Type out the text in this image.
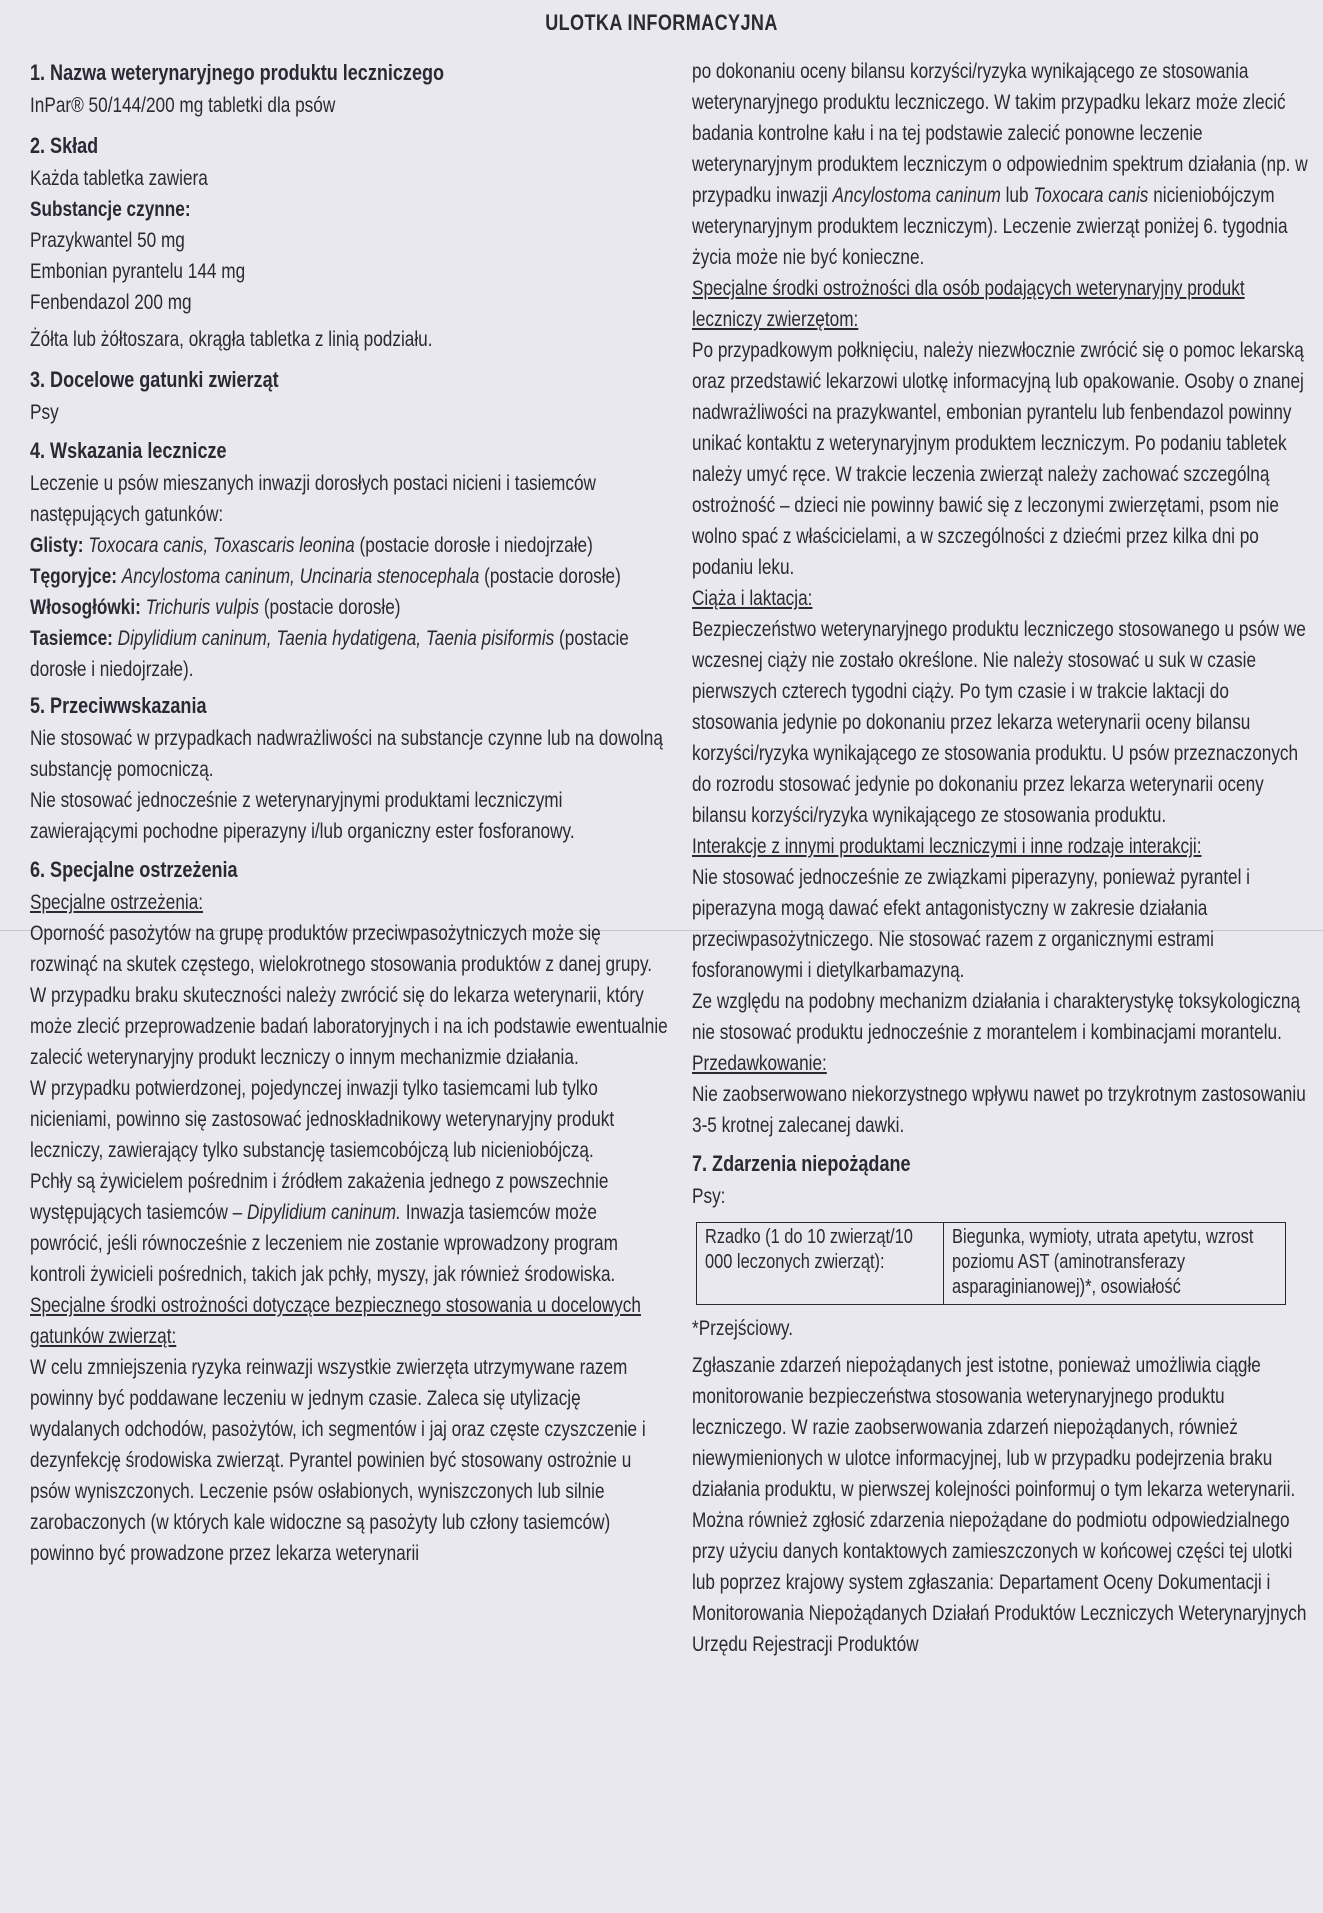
ULOTKA INFORMACYJNA
1. Nazwa weterynaryjnego produktu leczniczego

InPar® 50/144/200 mg tabletki dla psów

2. Skład

Każda tabletka zawiera

Substancje czynne:

Prazykwantel 50 mg

Embonian pyrantelu 144 mg

Fenbendazol 200 mg

Żółta lub żółtoszara, okrągła tabletka z linią podziału.

3. Docelowe gatunki zwierząt

Psy

4. Wskazania lecznicze

Leczenie u psów mieszanych inwazji dorosłych postaci nicieni i tasiemców następujących gatunków:

Glisty: Toxocara canis, Toxascaris leonina (postacie dorosłe i niedojrzałe)

Tęgoryjce: Ancylostoma caninum, Uncinaria stenocephala (postacie dorosłe)

Włosogłówki: Trichuris vulpis (postacie dorosłe)

Tasiemce: Dipylidium caninum, Taenia hydatigena, Taenia pisiformis (postacie dorosłe i niedojrzałe).

5. Przeciwwskazania

Nie stosować w przypadkach nadwrażliwości na substancje czynne lub na dowolną substancję pomocniczą.

Nie stosować jednocześnie z weterynaryjnymi produktami leczniczymi zawierającymi pochodne piperazyny i/lub organiczny ester fosforanowy.

6. Specjalne ostrzeżenia

Specjalne ostrzeżenia:

Oporność pasożytów na grupę produktów przeciwpasożytniczych może się rozwinąć na skutek częstego, wielokrotnego stosowania produktów z danej grupy. W przypadku braku skuteczności należy zwrócić się do lekarza weterynarii, który może zlecić przeprowadzenie badań laboratoryjnych i na ich podstawie ewentualnie zalecić weterynaryjny produkt leczniczy o innym mechanizmie działania.

W przypadku potwierdzonej, pojedynczej inwazji tylko tasiemcami lub tylko nicieniami, powinno się zastosować jednoskładnikowy weterynaryjny produkt leczniczy, zawierający tylko substancję tasiemcobójczą lub nicieniobójczą.

Pchły są żywicielem pośrednim i źródłem zakażenia jednego z powszechnie występujących tasiemców – Dipylidium caninum. Inwazja tasiemców może powrócić, jeśli równocześnie z leczeniem nie zostanie wprowadzony program kontroli żywicieli pośrednich, takich jak pchły, myszy, jak również środowiska.

Specjalne środki ostrożności dotyczące bezpiecznego stosowania u docelowych gatunków zwierząt:

W celu zmniejszenia ryzyka reinwazji wszystkie zwierzęta utrzymywane razem powinny być poddawane leczeniu w jednym czasie. Zaleca się utylizację wydalanych odchodów, pasożytów, ich segmentów i jaj oraz częste czyszczenie i dezynfekcję środowiska zwierząt. Pyrantel powinien być stosowany ostrożnie u psów wyniszczonych. Leczenie psów osłabionych, wyniszczonych lub silnie zarobaczonych (w których kale widoczne są pasożyty lub człony tasiemców) powinno być prowadzone przez lekarza weterynarii

po dokonaniu oceny bilansu korzyści/ryzyka wynikającego ze stosowania weterynaryjnego produktu leczniczego. W takim przypadku lekarz może zlecić badania kontrolne kału i na tej podstawie zalecić ponowne leczenie weterynaryjnym produktem leczniczym o odpowiednim spektrum działania (np. w przypadku inwazji Ancylostoma caninum lub Toxocara canis nicieniobójczym weterynaryjnym produktem leczniczym). Leczenie zwierząt poniżej 6. tygodnia życia może nie być konieczne.

Specjalne środki ostrożności dla osób podających weterynaryjny produkt leczniczy zwierzętom:

Po przypadkowym połknięciu, należy niezwłocznie zwrócić się o pomoc lekarską oraz przedstawić lekarzowi ulotkę informacyjną lub opakowanie. Osoby o znanej nadwrażliwości na prazykwantel, embonian pyrantelu lub fenbendazol powinny unikać kontaktu z weterynaryjnym produktem leczniczym. Po podaniu tabletek należy umyć ręce. W trakcie leczenia zwierząt należy zachować szczególną ostrożność – dzieci nie powinny bawić się z leczonymi zwierzętami, psom nie wolno spać z właścicielami, a w szczególności z dziećmi przez kilka dni po podaniu leku.

Ciąża i laktacja:

Bezpieczeństwo weterynaryjnego produktu leczniczego stosowanego u psów we wczesnej ciąży nie zostało określone. Nie należy stosować u suk w czasie pierwszych czterech tygodni ciąży. Po tym czasie i w trakcie laktacji do stosowania jedynie po dokonaniu przez lekarza weterynarii oceny bilansu korzyści/ryzyka wynikającego ze stosowania produktu. U psów przeznaczonych do rozrodu stosować jedynie po dokonaniu przez lekarza weterynarii oceny bilansu korzyści/ryzyka wynikającego ze stosowania produktu.

Interakcje z innymi produktami leczniczymi i inne rodzaje interakcji:

Nie stosować jednocześnie ze związkami piperazyny, ponieważ pyrantel i piperazyna mogą dawać efekt antagonistyczny w zakresie działania przeciwpasożytniczego. Nie stosować razem z organicznymi estrami fosforanowymi i dietylkarbamazyną.

Ze względu na podobny mechanizm działania i charakterystykę toksykologiczną nie stosować produktu jednocześnie z morantelem i kombinacjami morantelu.

Przedawkowanie:

Nie zaobserwowano niekorzystnego wpływu nawet po trzykrotnym zastosowaniu 3-5 krotnej zalecanej dawki.

7. Zdarzenia niepożądane

Psy:

Rzadko (1 do 10 zwierząt/10 000 leczonych zwierząt):

Biegunka, wymioty, utrata apetytu, wzrost poziomu AST (aminotransferazy asparaginianowej)*, osowiałość

*Przejściowy.

Zgłaszanie zdarzeń niepożądanych jest istotne, ponieważ umożliwia ciągłe monitorowanie bezpieczeństwa stosowania weterynaryjnego produktu leczniczego. W razie zaobserwowania zdarzeń niepożądanych, również niewymienionych w ulotce informacyjnej, lub w przypadku podejrzenia braku działania produktu, w pierwszej kolejności poinformuj o tym lekarza weterynarii. Można również zgłosić zdarzenia niepożądane do podmiotu odpowiedzialnego przy użyciu danych kontaktowych zamieszczonych w końcowej części tej ulotki lub poprzez krajowy system zgłaszania: Departament Oceny Dokumentacji i Monitorowania Niepożądanych Działań Produktów Leczniczych Weterynaryjnych Urzędu Rejestracji Produktów
